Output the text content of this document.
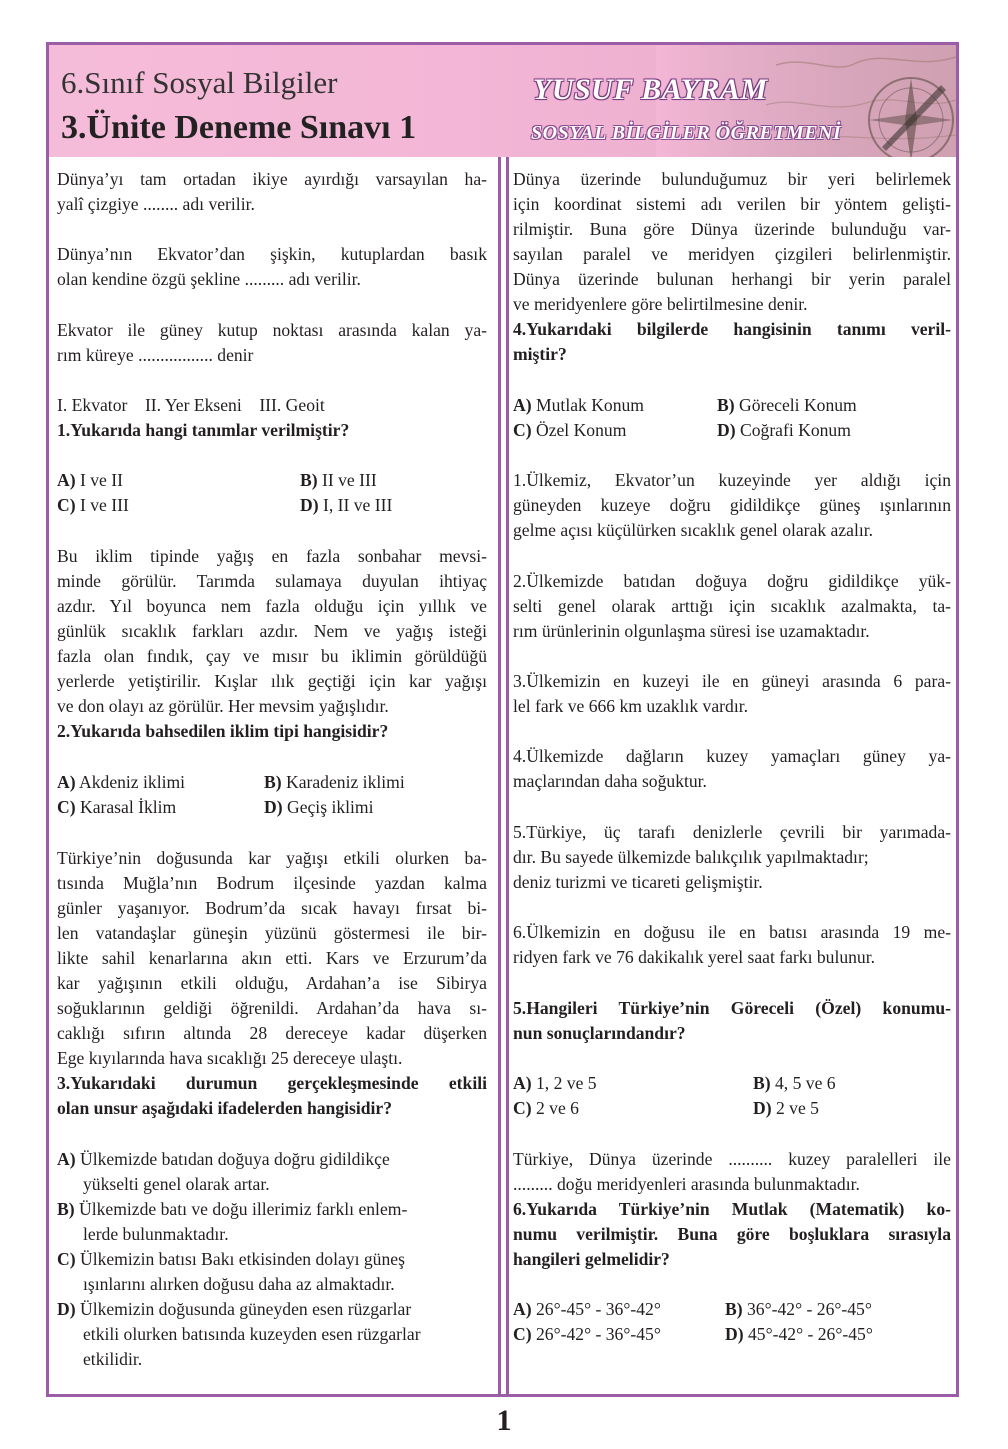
6.Sınıf Sosyal Bilgiler
3.Ünite Deneme Sınavı 1
YUSUF BAYRAM
SOSYAL BİLGİLER ÖĞRETMENİ
Dünya’yı tam ortadan ikiye ayırdığı varsayılan ha-
yalî çizgiye ........ adı verilir.
Dünya’nın Ekvator’dan şişkin, kutuplardan basık
olan kendine özgü şekline ......... adı verilir.
Ekvator ile güney kutup noktası arasında kalan ya-
rım küreye ................. denir
I. Ekvator II. Yer Ekseni III. Geoit
1.Yukarıda hangi tanımlar verilmiştir?
A) I ve II	B) II ve III
C) I ve III	D) I, II ve III
Bu iklim tipinde yağış en fazla sonbahar mevsi-
minde görülür. Tarımda sulamaya duyulan ihtiyaç
azdır. Yıl boyunca nem fazla olduğu için yıllık ve
günlük sıcaklık farkları azdır. Nem ve yağış isteği
fazla olan fındık, çay ve mısır bu iklimin görüldüğü
yerlerde yetiştirilir. Kışlar ılık geçtiği için kar yağışı
ve don olayı az görülür. Her mevsim yağışlıdır.
2.Yukarıda bahsedilen iklim tipi hangisidir?
A) Akdeniz iklimi	B) Karadeniz iklimi
C) Karasal İklim	D) Geçiş iklimi
Türkiye’nin doğusunda kar yağışı etkili olurken ba-
tısında Muğla’nın Bodrum ilçesinde yazdan kalma
günler yaşanıyor. Bodrum’da sıcak havayı fırsat bi-
len vatandaşlar güneşin yüzünü göstermesi ile bir-
likte sahil kenarlarına akın etti. Kars ve Erzurum’da
kar yağışının etkili olduğu, Ardahan’a ise Sibirya
soğuklarının geldiği öğrenildi. Ardahan’da hava sı-
caklığı sıfırın altında 28 dereceye kadar düşerken
Ege kıyılarında hava sıcaklığı 25 dereceye ulaştı.
3.Yukarıdaki durumun gerçekleşmesinde etkili
olan unsur aşağıdaki ifadelerden hangisidir?
A) Ülkemizde batıdan doğuya doğru gidildikçe
yükselti genel olarak artar.
B) Ülkemizde batı ve doğu illerimiz farklı enlem-
lerde bulunmaktadır.
C) Ülkemizin batısı Bakı etkisinden dolayı güneş
ışınlarını alırken doğusu daha az almaktadır.
D) Ülkemizin doğusunda güneyden esen rüzgarlar
etkili olurken batısında kuzeyden esen rüzgarlar
etkilidir.
Dünya üzerinde bulunduğumuz bir yeri belirlemek
için koordinat sistemi adı verilen bir yöntem gelişti-
rilmiştir. Buna göre Dünya üzerinde bulunduğu var-
sayılan paralel ve meridyen çizgileri belirlenmiştir.
Dünya üzerinde bulunan herhangi bir yerin paralel
ve meridyenlere göre belirtilmesine denir.
4.Yukarıdaki bilgilerde hangisinin tanımı veril-
miştir?
A) Mutlak Konum	B) Göreceli Konum
C) Özel Konum	D) Coğrafi Konum
1.Ülkemiz, Ekvator’un kuzeyinde yer aldığı için
güneyden kuzeye doğru gidildikçe güneş ışınlarının
gelme açısı küçülürken sıcaklık genel olarak azalır.
2.Ülkemizde batıdan doğuya doğru gidildikçe yük-
selti genel olarak arttığı için sıcaklık azalmakta, ta-
rım ürünlerinin olgunlaşma süresi ise uzamaktadır.
3.Ülkemizin en kuzeyi ile en güneyi arasında 6 para-
lel fark ve 666 km uzaklık vardır.
4.Ülkemizde dağların kuzey yamaçları güney ya-
maçlarından daha soğuktur.
5.Türkiye, üç tarafı denizlerle çevrili bir yarımada-
dır. Bu sayede ülkemizde balıkçılık yapılmaktadır;
deniz turizmi ve ticareti gelişmiştir.
6.Ülkemizin en doğusu ile en batısı arasında 19 me-
ridyen fark ve 76 dakikalık yerel saat farkı bulunur.
5.Hangileri Türkiye’nin Göreceli (Özel) konumu-
nun sonuçlarındandır?
A) 1, 2 ve 5	B) 4, 5 ve 6
C) 2 ve 6	D) 2 ve 5
Türkiye, Dünya üzerinde .......... kuzey paralelleri ile
......... doğu meridyenleri arasında bulunmaktadır.
6.Yukarıda Türkiye’nin Mutlak (Matematik) ko-
numu verilmiştir. Buna göre boşluklara sırasıyla
hangileri gelmelidir?
A) 26°-45° - 36°-42°	B) 36°-42° - 26°-45°
C) 26°-42° - 36°-45°	D) 45°-42° - 26°-45°
1
